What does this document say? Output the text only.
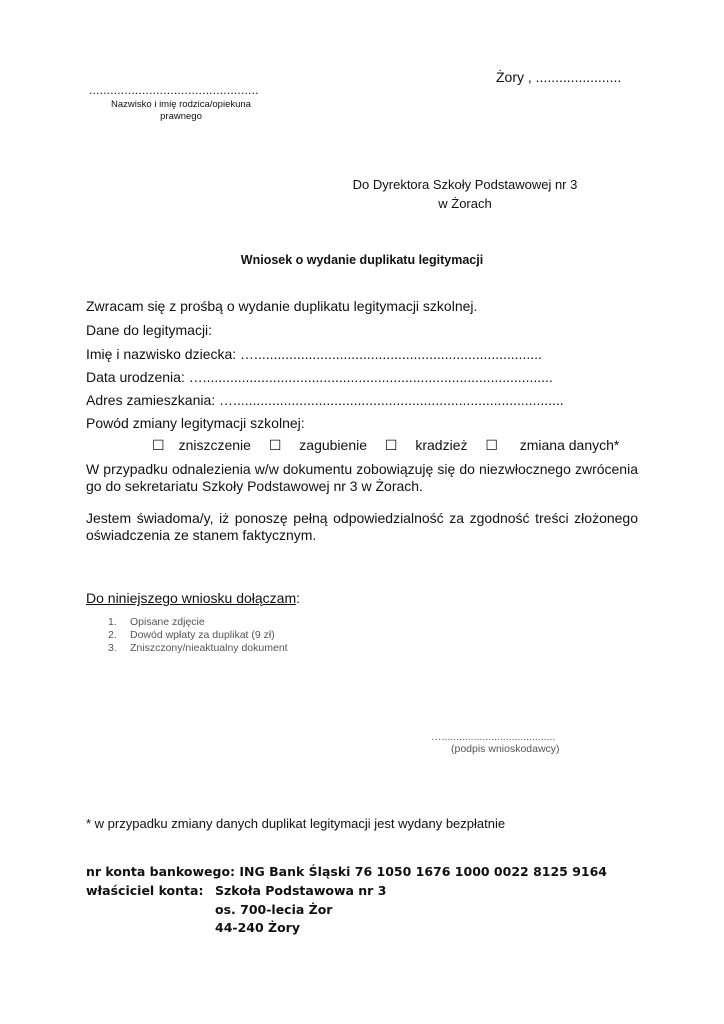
Żory , ......................
................................................
Nazwisko i imię rodzica/opiekuna prawnego
Do Dyrektora Szkoły Podstawowej nr 3
w Żorach
Wniosek o wydanie duplikatu legitymacji
Zwracam się z prośbą o wydanie duplikatu legitymacji szkolnej.
Dane do legitymacji:
Imię i nazwisko dziecka: …..........................................................................
Data urodzenia: …..........................................................................................
Adres zamieszkania: ….....................................................................................
Powód zmiany legitymacji szkolnej:
☐ zniszczenie ☐ zagubienie ☐ kradzież ☐ zmiana danych*
W przypadku odnalezienia w/w dokumentu zobowiązuję się do niezwłocznego zwrócenia go do sekretariatu Szkoły Podstawowej nr 3 w Żorach.
Jestem świadoma/y, iż ponoszę pełną odpowiedzialność za zgodność treści złożonego oświadczenia ze stanem faktycznym.
Do niniejszego wniosku dołączam:
1.	Opisane zdjęcie
2.	Dowód wpłaty za duplikat (9 zł)
3.	Zniszczony/nieaktualny dokument
….......................................
(podpis wnioskodawcy)
* w przypadku zmiany danych duplikat legitymacji jest wydany bezpłatnie
nr konta bankowego: ING Bank Śląski 76 1050 1676 1000 0022 8125 9164
właściciel konta: Szkoła Podstawowa nr 3
os. 700-lecia Żor
44-240 Żory
